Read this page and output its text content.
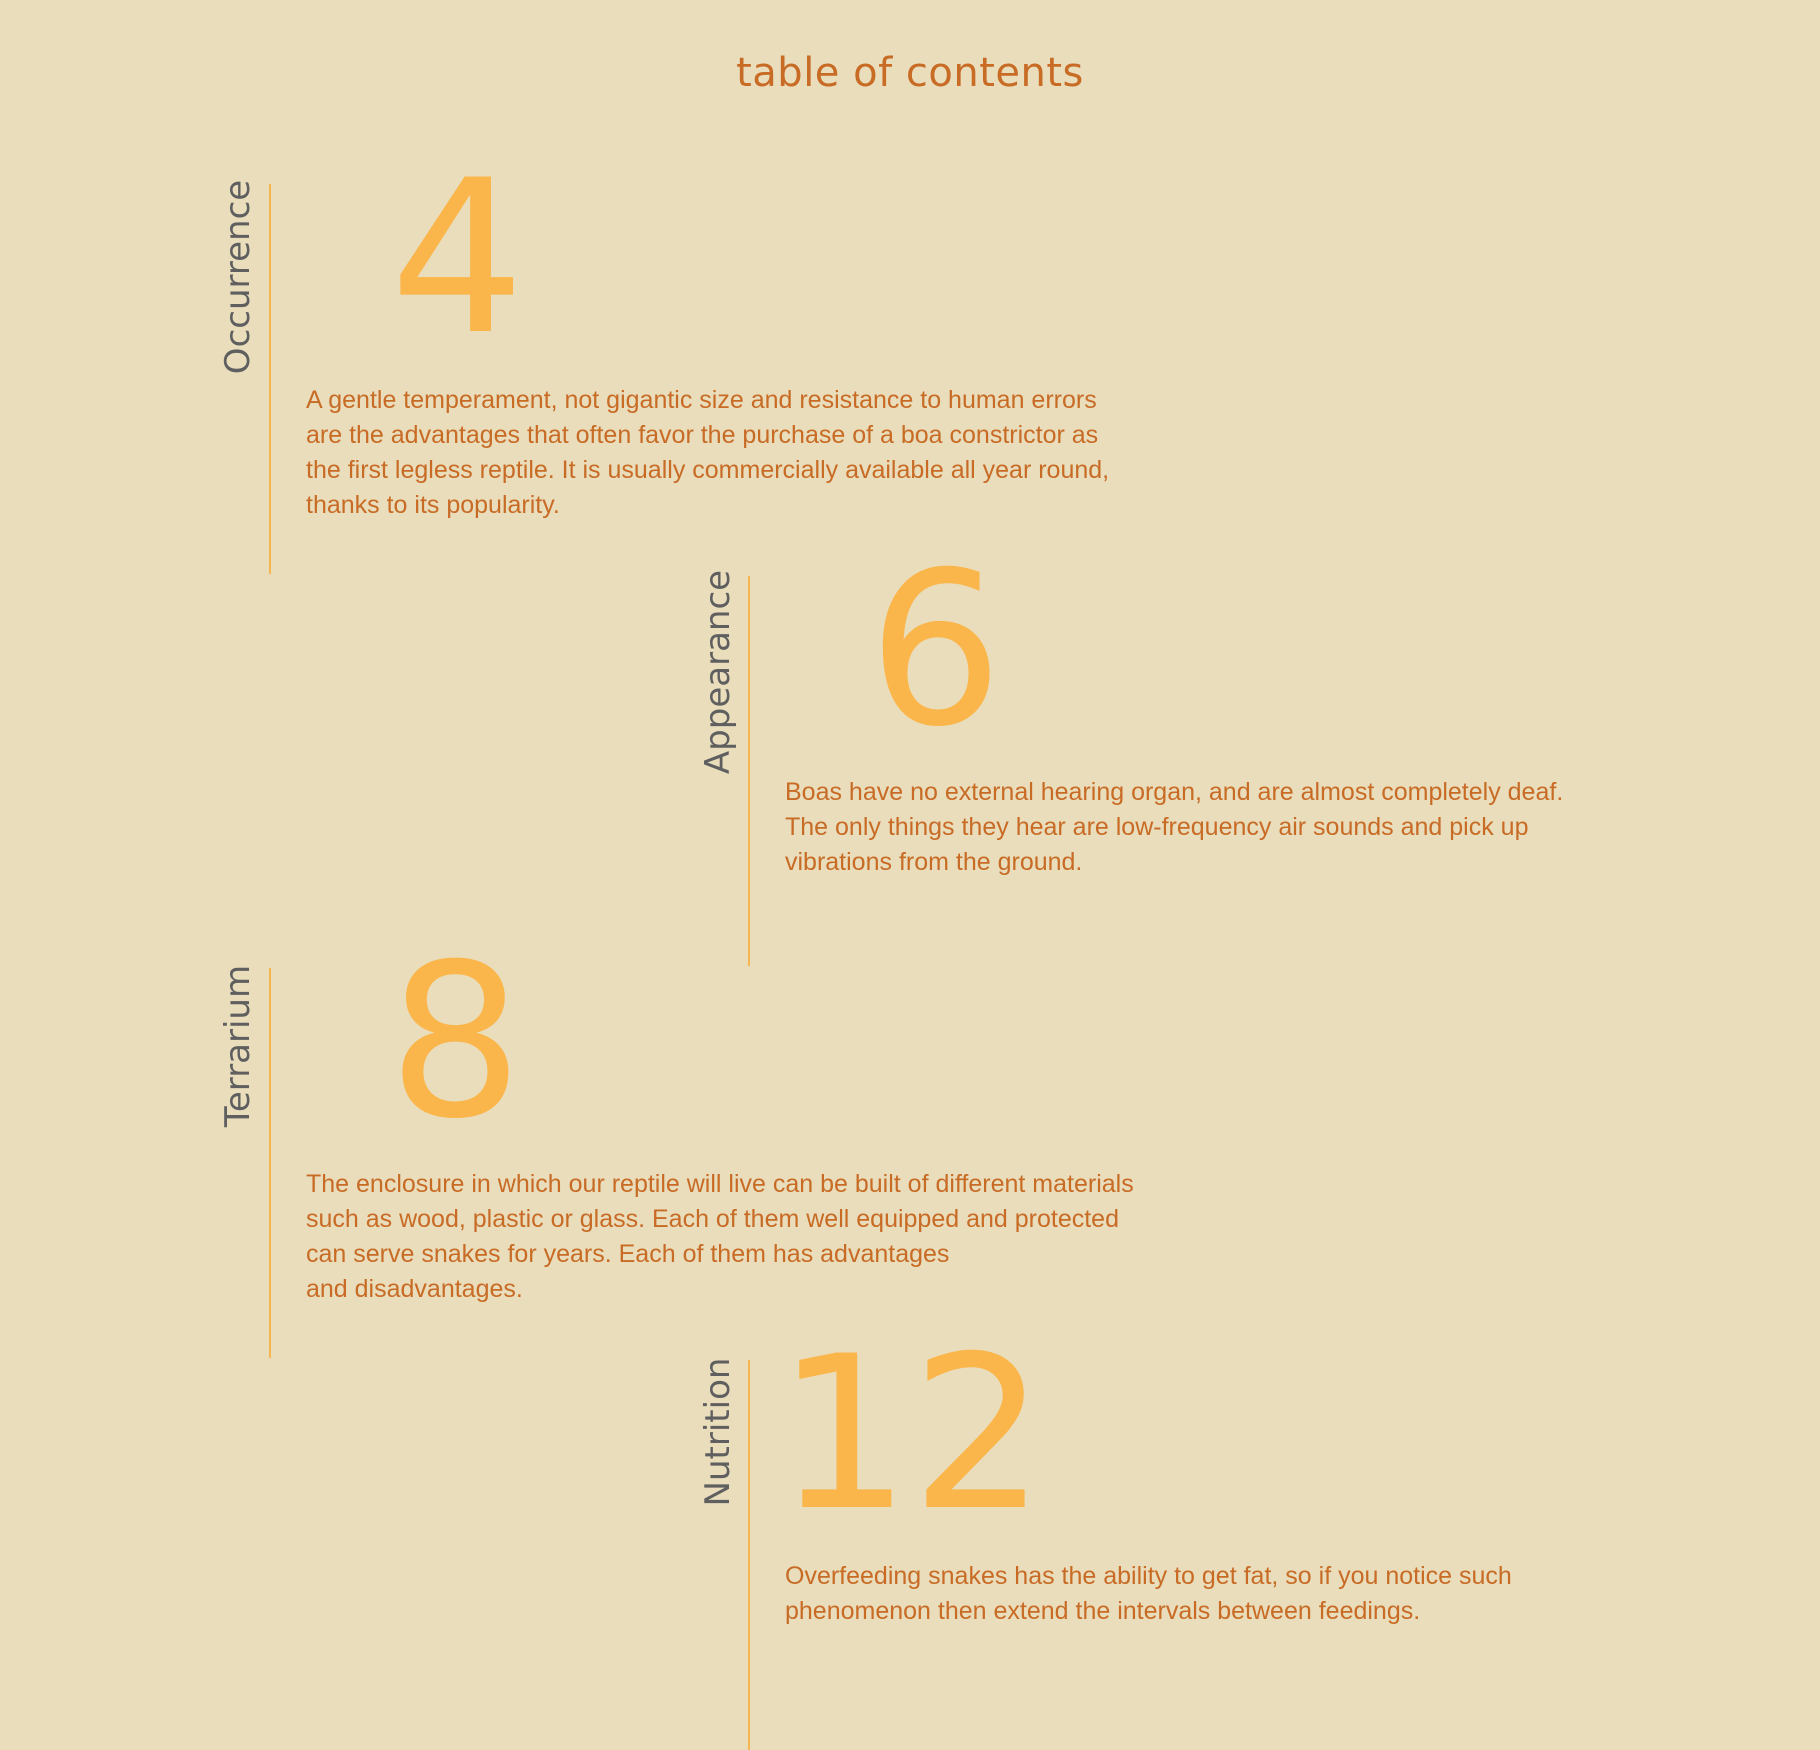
table of contents
Occurrence 4

A gentle temperament, not gigantic size and resistance to human errors
are the advantages that often favor the purchase of a boa constrictor as
the first legless reptile. It is usually commercially available all year round,
thanks to its popularity.

Appearance 6

Boas have no external hearing organ, and are almost completely deaf.
The only things they hear are low-frequency air sounds and pick up
vibrations from the ground.

Terrarium 8

The enclosure in which our reptile will live can be built of different materials
such as wood, plastic or glass. Each of them well equipped and protected
can serve snakes for years. Each of them has advantages
and disadvantages.

Nutrition 12

Overfeeding snakes has the ability to get fat, so if you notice such
phenomenon then extend the intervals between feedings.
